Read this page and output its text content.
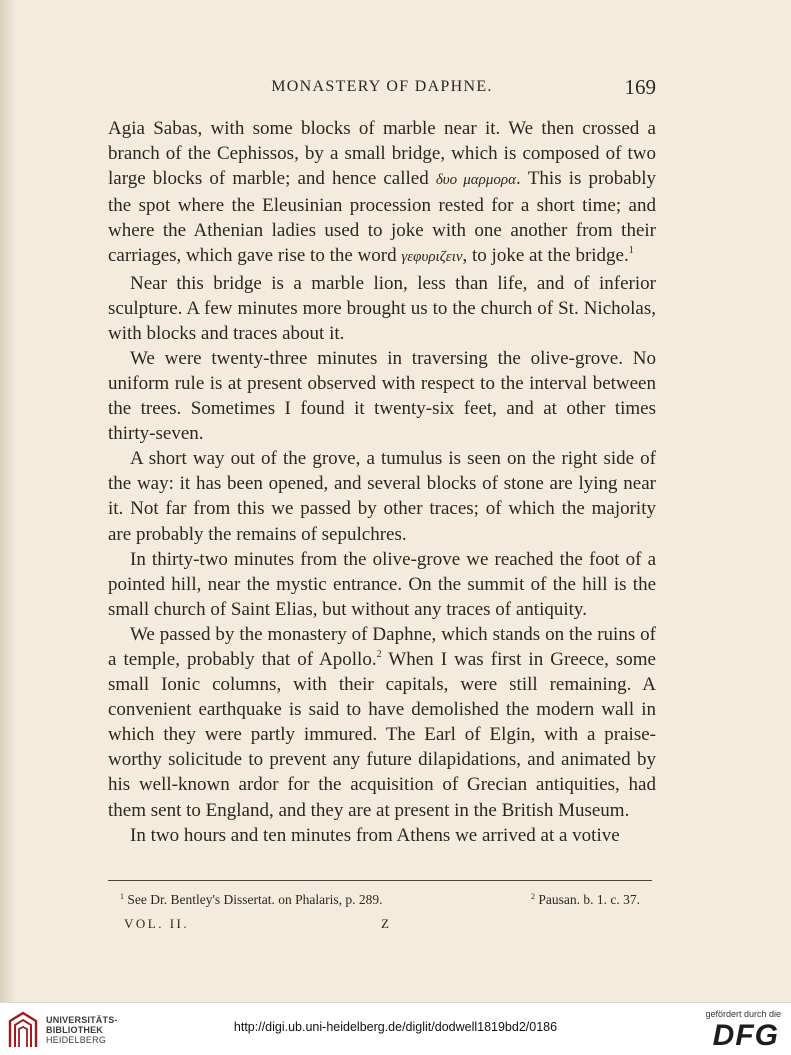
MONASTERY OF DAPHNE.	169

Agia Sabas, with some blocks of marble near it. We then crossed a branch of the Cephissos, by a small bridge, which is composed of two large blocks of marble; and hence called δυο μαρμορα. This is probably the spot where the Eleusinian procession rested for a short time; and where the Athenian ladies used to joke with one another from their carriages, which gave rise to the word γεφυριζειν, to joke at the bridge.$^1$

Near this bridge is a marble lion, less than life, and of inferior sculpture. A few minutes more brought us to the church of St. Nicholas, with blocks and traces about it.

We were twenty-three minutes in traversing the olive-grove. No uniform rule is at present observed with respect to the interval between the trees. Sometimes I found it twenty-six feet, and at other times thirty-seven.

A short way out of the grove, a tumulus is seen on the right side of the way: it has been opened, and several blocks of stone are lying near it. Not far from this we passed by other traces; of which the majority are probably the remains of sepulchres.

In thirty-two minutes from the olive-grove we reached the foot of a pointed hill, near the mystic entrance. On the summit of the hill is the small church of Saint Elias, but without any traces of antiquity.

We passed by the monastery of Daphne, which stands on the ruins of a temple, probably that of Apollo.$^2$ When I was first in Greece, some small Ionic columns, with their capitals, were still remaining. A convenient earthquake is said to have demolished the modern wall in which they were partly immured. The Earl of Elgin, with a praise-worthy solicitude to prevent any future dilapidations, and animated by his well-known ardor for the acquisition of Grecian antiquities, had them sent to England, and they are at present in the British Museum.

In two hours and ten minutes from Athens we arrived at a votive

$^1$ See Dr. Bentley's Dissertat. on Phalaris, p. 289.	$^2$ Pausan. b. 1. c. 37.
VOL. II.	Z
UNIVERSITÄTS-
BIBLIOTHEK
HEIDELBERG
http://digi.ub.uni-heidelberg.de/diglit/dodwell1819bd2/0186
gefördert durch die
DFG
